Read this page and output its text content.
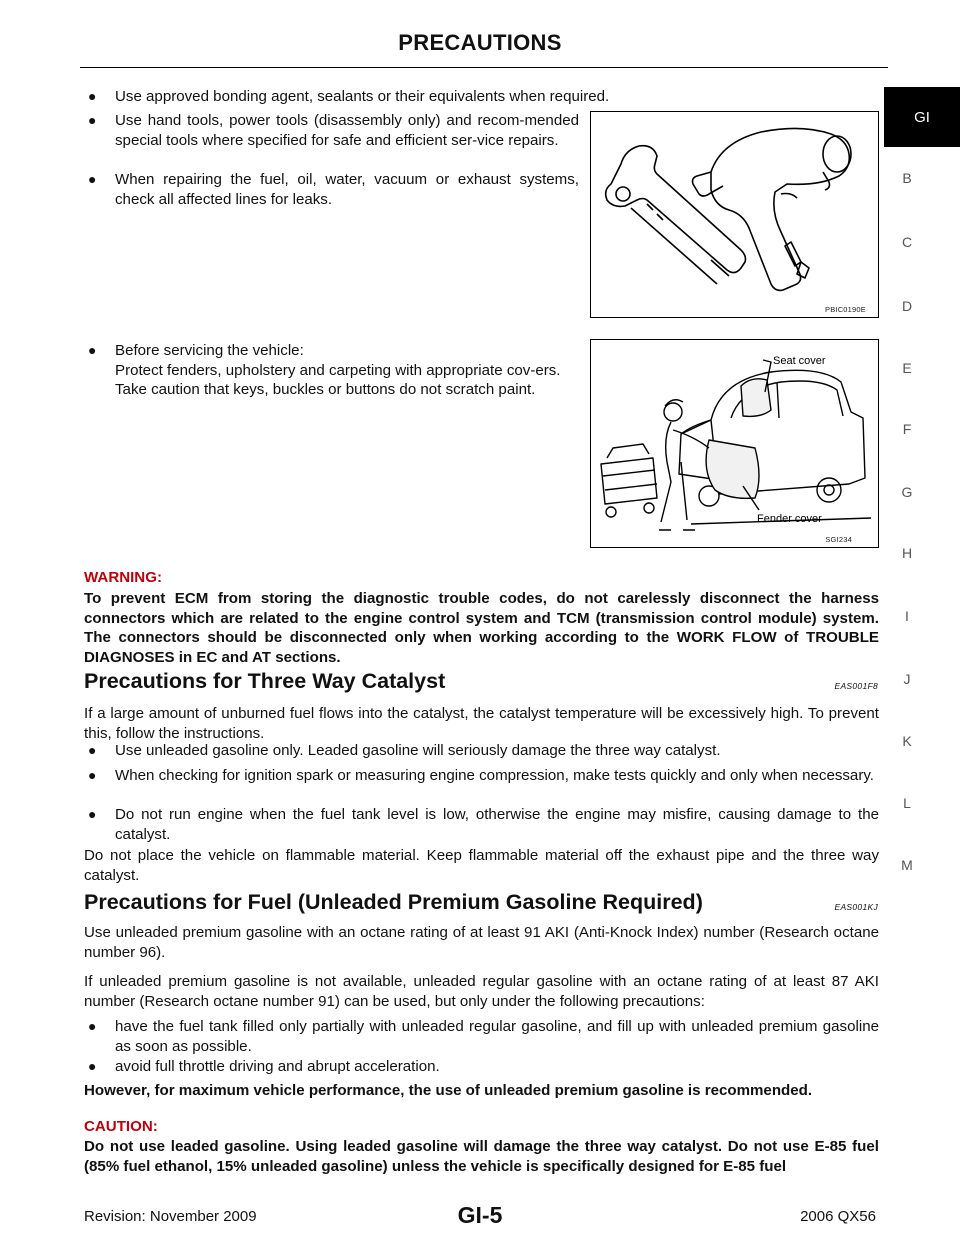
PRECAUTIONS
GI
B
C
D
E
F
G
H
I
J
K
L
M
● Use approved bonding agent, sealants or their equivalents when required.
● Use hand tools, power tools (disassembly only) and recom-mended special tools where specified for safe and efficient ser-vice repairs.
● When repairing the fuel, oil, water, vacuum or exhaust systems, check all affected lines for leaks.
PBIC0190E
● Before servicing the vehicle:
Protect fenders, upholstery and carpeting with appropriate cov-ers.
Take caution that keys, buckles or buttons do not scratch paint.
Seat cover
Fender cover
SGI234
WARNING:
To prevent ECM from storing the diagnostic trouble codes, do not carelessly disconnect the harness connectors which are related to the engine control system and TCM (transmission control module) system. The connectors should be disconnected only when working according to the WORK FLOW of TROUBLE DIAGNOSES in EC and AT sections.
Precautions for Three Way Catalyst	EAS001F8
If a large amount of unburned fuel flows into the catalyst, the catalyst temperature will be excessively high. To prevent this, follow the instructions.
● Use unleaded gasoline only. Leaded gasoline will seriously damage the three way catalyst.
● When checking for ignition spark or measuring engine compression, make tests quickly and only when necessary.
● Do not run engine when the fuel tank level is low, otherwise the engine may misfire, causing damage to the catalyst.
Do not place the vehicle on flammable material. Keep flammable material off the exhaust pipe and the three way catalyst.
Precautions for Fuel (Unleaded Premium Gasoline Required)	EAS001KJ
Use unleaded premium gasoline with an octane rating of at least 91 AKI (Anti-Knock Index) number (Research octane number 96).
If unleaded premium gasoline is not available, unleaded regular gasoline with an octane rating of at least 87 AKI number (Research octane number 91) can be used, but only under the following precautions:
● have the fuel tank filled only partially with unleaded regular gasoline, and fill up with unleaded premium gasoline as soon as possible.
● avoid full throttle driving and abrupt acceleration.
However, for maximum vehicle performance, the use of unleaded premium gasoline is recommended.
CAUTION:
Do not use leaded gasoline. Using leaded gasoline will damage the three way catalyst. Do not use E-85 fuel (85% fuel ethanol, 15% unleaded gasoline) unless the vehicle is specifically designed for E-85 fuel
Revision: November 2009	GI-5	2006 QX56
